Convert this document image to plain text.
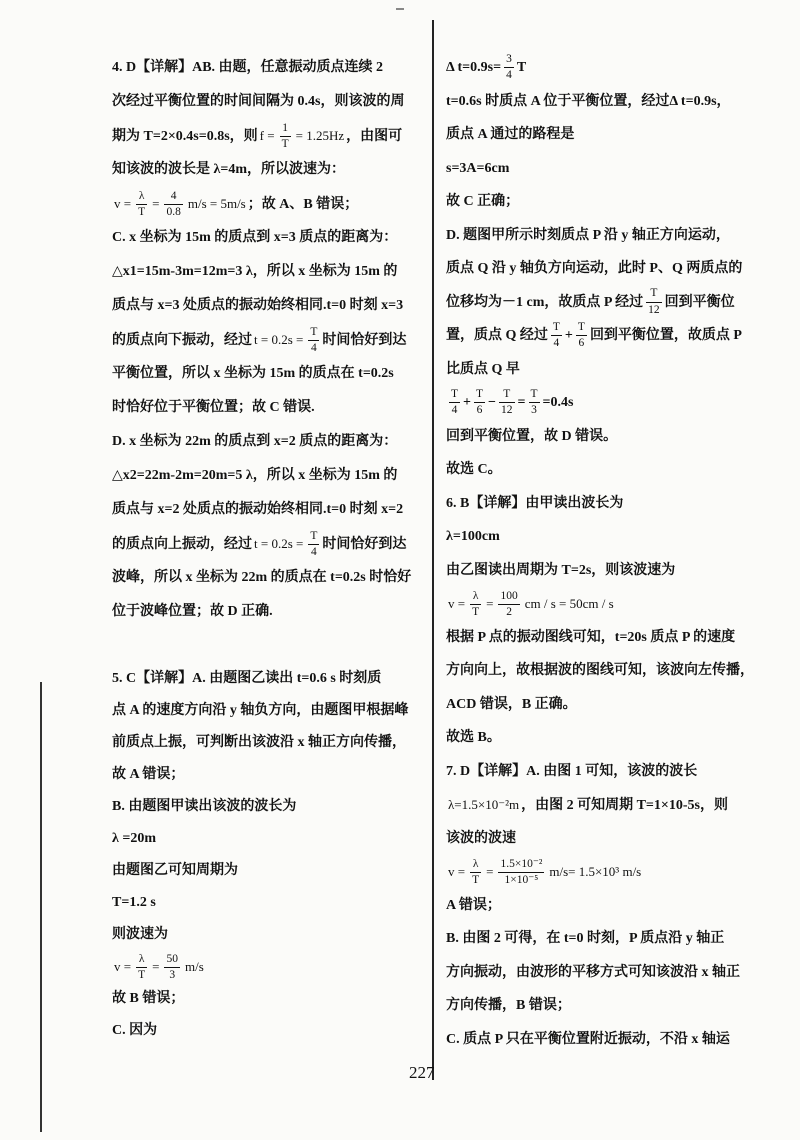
4. D【详解】AB. 由题，任意振动质点连续 2
次经过平衡位置的时间间隔为 0.4s，则该波的周
期为 T=2×0.4s=0.8s，则 $f = \frac{1}{T} = 1.25Hz$ ，由图可
知该波的波长是 λ=4m，所以波速为：
$v = \frac{\lambda}{T} = \frac{4}{0.8} m/s = 5m/s$ ；故 A、B 错误；
C. x 坐标为 15m 的质点到 x=3 质点的距离为：
△x1=15m-3m=12m=3 λ，所以 x 坐标为 15m 的
质点与 x=3 处质点的振动始终相同.t=0 时刻 x=3
的质点向下振动，经过 $t = 0.2s = \frac{T}{4}$ 时间恰好到达
平衡位置，所以 x 坐标为 15m 的质点在 t=0.2s
时恰好位于平衡位置；故 C 错误.
D. x 坐标为 22m 的质点到 x=2 质点的距离为：
△x2=22m-2m=20m=5 λ，所以 x 坐标为 15m 的
质点与 x=2 处质点的振动始终相同.t=0 时刻 x=2
的质点向上振动，经过 $t = 0.2s = \frac{T}{4}$ 时间恰好到达
波峰，所以 x 坐标为 22m 的质点在 t=0.2s 时恰好
位于波峰位置；故 D 正确.
5. C【详解】A. 由题图乙读出 t=0.6 s 时刻质
点 A 的速度方向沿 y 轴负方向，由题图甲根据峰
前质点上振，可判断出该波沿 x 轴正方向传播，
故 A 错误；
B. 由题图甲读出该波的波长为
λ =20m
由题图乙可知周期为
T=1.2 s
则波速为
$v = \frac{\lambda}{T} = \frac{50}{3} m/s$
故 B 错误；
C. 因为
Δ $t=0.9s= \frac{3}{4}$ T
t=0.6s 时质点 A 位于平衡位置，经过Δ t=0.9s，
质点 A 通过的路程是
s=3A=6cm
故 C 正确；
D. 题图甲所示时刻质点 P 沿 y 轴正方向运动，
质点 Q 沿 y 轴负方向运动，此时 P、Q 两质点的
位移均为－1 cm，故质点 P 经过 $\frac{T}{12}$ 回到平衡位
置，质点 Q 经过 $\frac{T}{4} + \frac{T}{6}$ 回到平衡位置，故质点 P
比质点 Q 早
$\frac{T}{4} + \frac{T}{6} - \frac{T}{12} = \frac{T}{3} =0.4s$
回到平衡位置，故 D 错误。
故选 C。
6. B【详解】由甲读出波长为
λ=100cm
由乙图读出周期为 T=2s，则该波速为
$v = \frac{\lambda}{T} = \frac{100}{2}$ cm / s = 50cm / s
根据 P 点的振动图线可知，t=20s 质点 P 的速度
方向向上，故根据波的图线可知，该波向左传播，
ACD 错误，B 正确。
故选 B。
7. D【详解】A. 由图 1 可知，该波的波长
λ=1.5×10⁻²m ，由图 2 可知周期 T=1×10-5s，则
该波的波速
$v = \frac{\lambda}{T} = \frac{\text{1.5×10⁻²}}{\text{1×10⁻⁵}} m/s= 1.5\times 10^3$ m/s
A 错误；
B. 由图 2 可得，在 t=0 时刻，P 质点沿 y 轴正
方向振动，由波形的平移方式可知该波沿 x 轴正
方向传播，B 错误；
C. 质点 P 只在平衡位置附近振动，不沿 x 轴运
227
